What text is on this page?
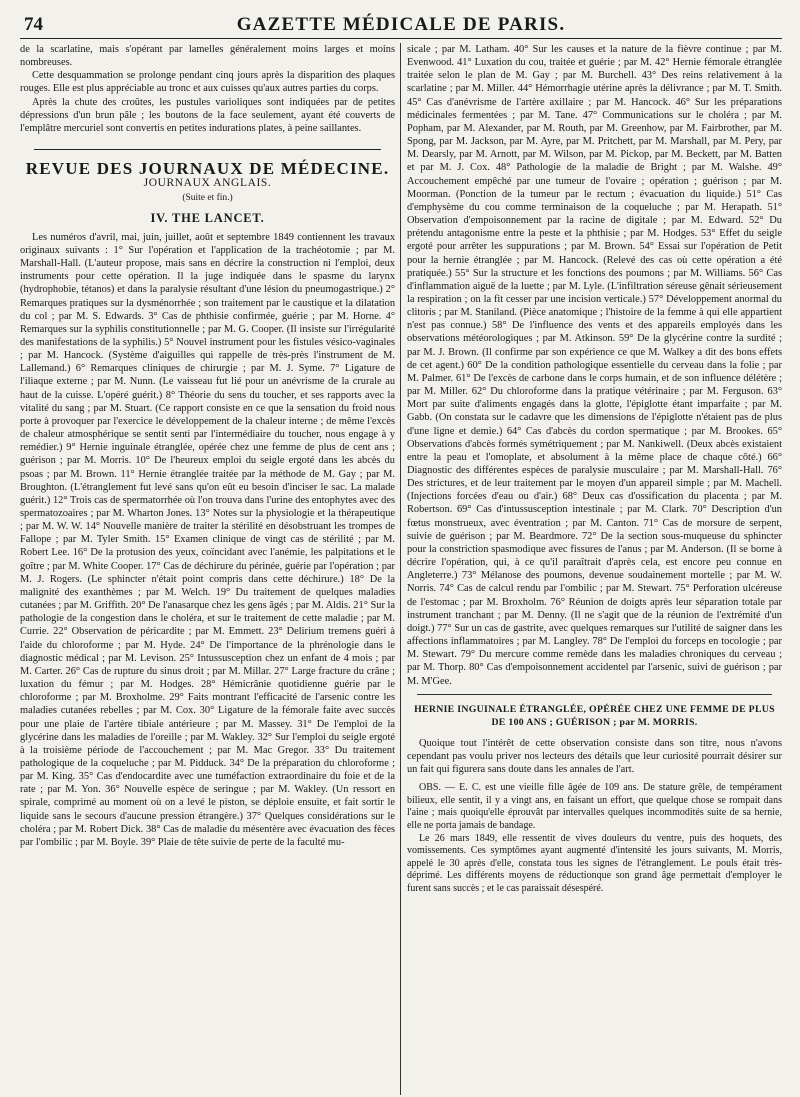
74	GAZETTE MÉDICALE DE PARIS.

de la scarlatine, mais s'opérant par lamelles généralement moins larges et moins nombreuses.

Cette desquammation se prolonge pendant cinq jours après la disparition des plaques rouges. Elle est plus appréciable au tronc et aux cuisses qu'aux autres parties du corps.

Après la chute des croûtes, les pustules varioliques sont indiquées par de petites dépressions d'un brun pâle ; les boutons de la face seulement, ayant été couverts de l'emplâtre mercuriel sont convertis en petites indurations plates, à peine saillantes.

REVUE DES JOURNAUX DE MÉDECINE.
JOURNAUX ANGLAIS.
(Suite et fin.)
IV. THE LANCET.

Les numéros d'avril, mai, juin, juillet, août et septembre 1849 contiennent les travaux originaux suivants : 1° Sur l'opération et l'application de la trachéotomie ; par M. Marshall-Hall. (L'auteur propose, mais sans en décrire la construction ni l'emploi, deux instruments pour cette opération. Il la juge indiquée dans le spasme du larynx (hydrophobie, tétanos) et dans la paralysie résultant d'une lésion du pneumogastrique.) 2° Remarques pratiques sur la dysménorrhée ; son traitement par le caustique et la dilatation du col ; par M. S. Edwards. 3° Cas de phthisie confirmée, guérie ; par M. Horne. 4° Remarques sur la syphilis constitutionnelle ; par M. G. Cooper. (Il insiste sur l'irrégularité des manifestations de la syphilis.) 5° Nouvel instrument pour les fistules vésico-vaginales ; par M. Hancock. (Système d'aiguilles qui rappelle de très-près l'instrument de M. Lallemand.) 6° Remarques cliniques de chirurgie ; par M. J. Syme. 7° Ligature de l'iliaque externe ; par M. Nunn. (Le vaisseau fut lié pour un anévrisme de la crurale au haut de la cuisse. L'opéré guérit.) 8° Théorie du sens du toucher, et ses rapports avec la vitalité du sang ; par M. Stuart. (Ce rapport consiste en ce que la sensation du froid nous porte à provoquer par l'exercice le développement de la chaleur interne ; de même l'excès de chaleur atmosphérique se sentit senti par l'intermédiaire du toucher, nous engage à y remédier.) 9° Hernie inguinale étranglée, opérée chez une femme de plus de cent ans ; guérison ; par M. Morris. 10° De l'heureux emploi du seigle ergoté dans les abcès du psoas ; par M. Brown. 11° Hernie étranglée traitée par la méthode de M. Gay ; par M. Broughton. (L'étranglement fut levé sans qu'on eût eu besoin d'inciser le sac. La malade guérit.) 12° Trois cas de spermatorrhée où l'on trouva dans l'urine des entophytes avec des spermatozoaires ; par M. Wharton Jones. 13° Notes sur la physiologie et la thérapeutique ; par M. W. W. 14° Nouvelle manière de traiter la stérilité en désobstruant les trompes de Fallope ; par M. Tyler Smith. 15° Examen clinique de vingt cas de stérilité ; par M. Robert Lee. 16° De la protusion des yeux, coïncidant avec l'anémie, les palpitations et le goître ; par M. White Cooper. 17° Cas de déchirure du périnée, guérie par l'opération ; par M. J. Rogers. (Le sphincter n'était point compris dans cette déchirure.) 18° De la malignité des exanthèmes ; par M. Welch. 19° Du traitement de quelques maladies cutanées ; par M. Griffith. 20° De l'anasarque chez les gens âgés ; par M. Aldis. 21° Sur la pathologie de la congestion dans le choléra, et sur le traitement de cette maladie ; par M. Currie. 22° Observation de péricardite ; par M. Emmett. 23° Delirium tremens guéri à l'aide du chloroforme ; par M. Hyde. 24° De l'importance de la phrénologie dans le diagnostic médical ; par M. Levison. 25° Intussusception chez un enfant de 4 mois ; par M. Carter. 26° Cas de rupture du sinus droit ; par M. Millar. 27° Large fracture du crâne ; luxation du fémur ; par M. Hodges. 28° Hémicrânie quotidienne guérie par le chloroforme ; par M. Broxholme. 29° Faits montrant l'efficacité de l'arsenic contre les maladies cutanées rebelles ; par M. Cox. 30° Ligature de la fémorale faite avec succès pour une plaie de l'artère tibiale antérieure ; par M. Massey. 31° De l'emploi de la glycérine dans les maladies de l'oreille ; par M. Wakley. 32° Sur l'emploi du seigle ergoté à la troisième période de l'accouchement ; par M. Mac Gregor. 33° Du traitement pathologique de la coqueluche ; par M. Pidduck. 34° De la préparation du chloroforme ; par M. King. 35° Cas d'endocardite avec une tuméfaction extraordinaire du foie et de la rate ; par M. Yon. 36° Nouvelle espèce de seringue ; par M. Wakley. (Un ressort en spirale, comprimé au moment où on a levé le piston, se déploie ensuite, et fait sortir le liquide sans le secours d'aucune pression étrangère.) 37° Quelques considérations sur le choléra ; par M. Robert Dick. 38° Cas de maladie du mésentère avec évacuation des fèces par l'ombilic ; par M. Boyle. 39° Plaie de tête suivie de perte de la faculté mu-

sicale ; par M. Latham. 40° Sur les causes et la nature de la fièvre continue ; par M. Evenwood. 41° Luxation du cou, traitée et guérie ; par M. 42° Hernie fémorale étranglée traitée selon le plan de M. Gay ; par M. Burchell. 43° Des reins relativement à la scarlatine ; par M. Miller. 44° Hémorrhagie utérine après la délivrance ; par M. T. Smith. 45° Cas d'anévrisme de l'artère axillaire ; par M. Hancock. 46° Sur les préparations médicinales fermentées ; par M. Tane. 47° Communications sur le choléra ; par M. Popham, par M. Alexander, par M. Routh, par M. Greenhow, par M. Fairbrother, par M. Spong, par M. Jackson, par M. Ayre, par M. Pritchett, par M. Marshall, par M. Pery, par M. Dearsly, par M. Arnott, par M. Wilson, par M. Pickop, par M. Beckett, par M. Batten et par M. J. Cox. 48° Pathologie de la maladie de Bright ; par M. Walshe. 49° Accouchement empêché par une tumeur de l'ovaire ; opération ; guérison ; par M. Moorman. (Ponction de la tumeur par le rectum ; évacuation du liquide.) 51° Cas d'emphysème du cou comme terminaison de la coqueluche ; par M. Herapath. 51° Observation d'empoisonnement par la racine de digitale ; par M. Edward. 52° Du prétendu antagonisme entre la peste et la phthisie ; par M. Hodges. 53° Effet du seigle ergoté pour arrêter les suppurations ; par M. Brown. 54° Essai sur l'opération de Petit pour la hernie étranglée ; par M. Hancock. (Relevé des cas où cette opération a été pratiquée.) 55° Sur la structure et les fonctions des poumons ; par M. Williams. 56° Cas d'inflammation aiguë de la luette ; par M. Lyle. (L'infiltration séreuse gênait sérieusement la respiration ; on la fit cesser par une incision verticale.) 57° Développement anormal du clitoris ; par M. Staniland. (Pièce anatomique ; l'histoire de la femme à qui elle appartient n'est pas connue.) 58° De l'influence des vents et des appareils employés dans les observations météorologiques ; par M. Atkinson. 59° De la glycérine contre la surdité ; par M. J. Brown. (Il confirme par son expérience ce que M. Walkey a dit des bons effets de cet agent.) 60° De la condition pathologique essentielle du cerveau dans la folie ; par M. Palmer. 61° De l'excès de carbone dans le corps humain, et de son influence délétère ; par M. Miller. 62° Du chloroforme dans la pratique vétérinaire ; par M. Ferguson. 63° Mort par suite d'aliments engagés dans la glotte, l'épiglotte étant imparfaite ; par M. Gabb. (On constata sur le cadavre que les dimensions de l'épiglotte n'étaient pas de plus d'une ligne et demie.) 64° Cas d'abcès du cordon spermatique ; par M. Brookes. 65° Observations d'abcès formés symétriquement ; par M. Nankiwell. (Deux abcès existaient entre la peau et l'omoplate, et absolument à la même place de chaque côté.) 66° Diagnostic des différentes espèces de paralysie musculaire ; par M. Marshall-Hall. 76° Des strictures, et de leur traitement par le moyen d'un appareil simple ; par M. Machell. (Injections forcées d'eau ou d'air.) 68° Deux cas d'ossification du placenta ; par M. Robertson. 69° Cas d'intussusception intestinale ; par M. Clark. 70° Description d'un fœtus monstrueux, avec éventration ; par M. Canton. 71° Cas de morsure de serpent, suivie de guérison ; par M. Beardmore. 72° De la section sous-muqueuse du sphincter pour la constriction spasmodique avec fissures de l'anus ; par M. Anderson. (Il se borne à décrire l'opération, qui, à ce qu'il paraîtrait d'après cela, est encore peu connue en Angleterre.) 73° Mélanose des poumons, devenue soudainement mortelle ; par M. W. Norris. 74° Cas de calcul rendu par l'ombilic ; par M. Stewart. 75° Perforation ulcéreuse de l'estomac ; par M. Broxholm. 76° Réunion de doigts après leur séparation totale par instrument tranchant ; par M. Denny. (Il ne s'agit que de la réunion de l'extrémité d'un doigt.) 77° Sur un cas de gastrite, avec quelques remarques sur l'utilité de saigner dans les affections inflammatoires ; par M. Langley. 78° De l'emploi du forceps en tocologie ; par M. Stewart. 79° Du mercure comme remède dans les maladies chroniques du cerveau ; par M. Thorp. 80° Cas d'empoisonnement accidentel par l'arsenic, suivi de guérison ; par M. M'Gee.

HERNIE INGUINALE ÉTRANGLÉE, OPÉRÉE CHEZ UNE FEMME DE PLUS DE 100 ANS ; GUÉRISON ; par M. MORRIS.

Quoique tout l'intérêt de cette observation consiste dans son titre, nous n'avons cependant pas voulu priver nos lecteurs des détails que leur curiosité pourrait désirer sur un fait qui figurera sans doute dans les annales de l'art.

OBS. — E. C. est une vieille fille âgée de 109 ans. De stature grêle, de tempérament bilieux, elle sentit, il y a vingt ans, en faisant un effort, que quelque chose se rompait dans l'aine ; mais quoiqu'elle éprouvât par intervalles quelques incommodités suite de sa hernie, elle ne porta jamais de bandage.

Le 26 mars 1849, elle ressentit de vives douleurs du ventre, puis des hoquets, des vomissements. Ces symptômes ayant augmenté d'intensité les jours suivants, M. Morris, appelé le 30 après d'elle, constata tous les signes de l'étranglement. Le pouls était très-déprimé. Les différents moyens de réductionque son grand âge permettait d'employer le furent sans succès ; et le cas paraissait désespéré.
